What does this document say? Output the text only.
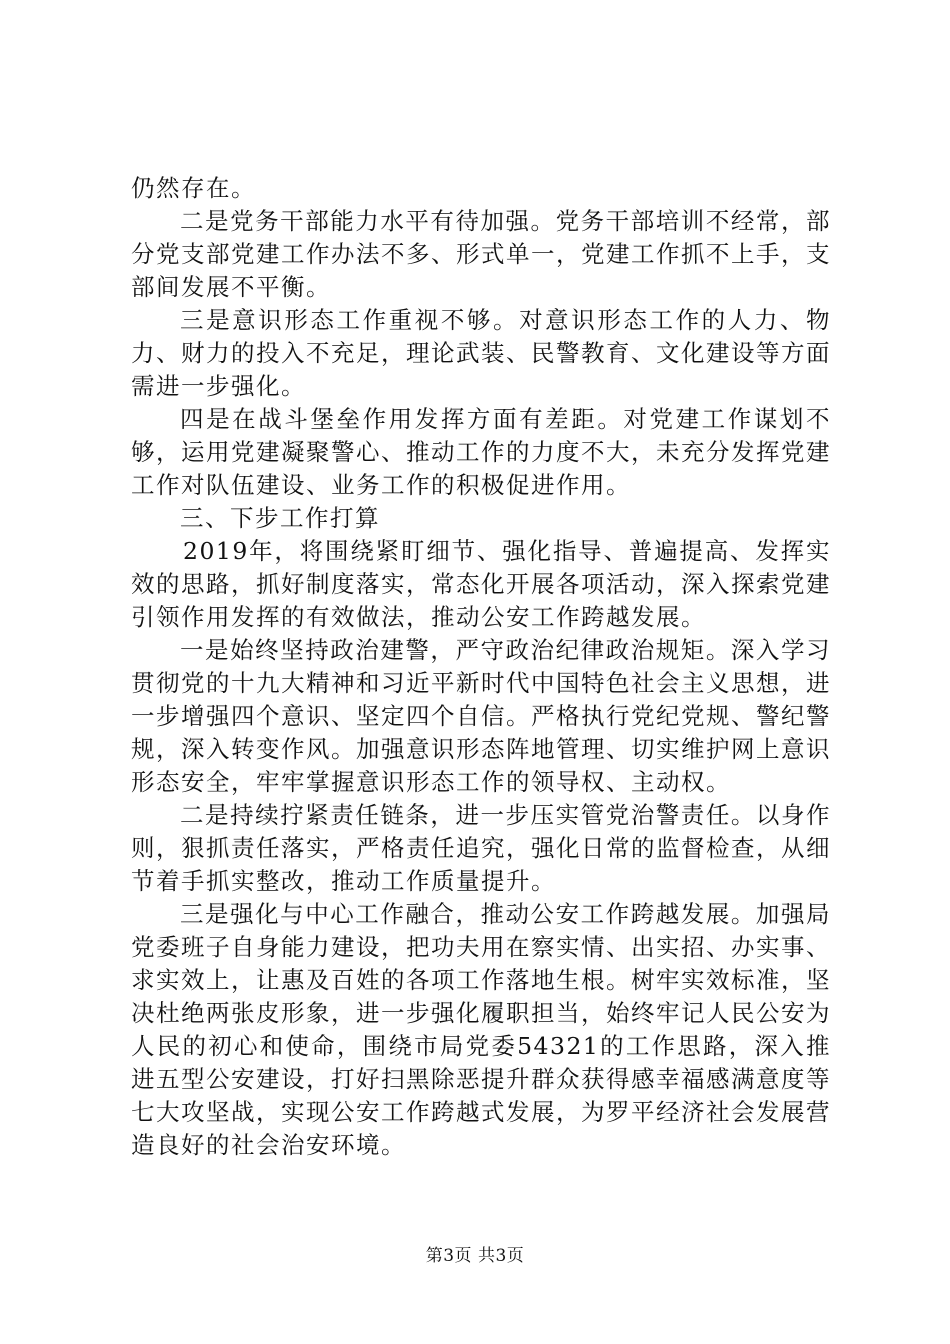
仍然存在。

二是党务干部能力水平有待加强。党务干部培训不经常，部分党支部党建工作办法不多、形式单一，党建工作抓不上手，支部间发展不平衡。

三是意识形态工作重视不够。对意识形态工作的人力、物力、财力的投入不充足，理论武装、民警教育、文化建设等方面需进一步强化。

四是在战斗堡垒作用发挥方面有差距。对党建工作谋划不够，运用党建凝聚警心、推动工作的力度不大，未充分发挥党建工作对队伍建设、业务工作的积极促进作用。

三、下步工作打算

2019年，将围绕紧盯细节、强化指导、普遍提高、发挥实效的思路，抓好制度落实，常态化开展各项活动，深入探索党建引领作用发挥的有效做法，推动公安工作跨越发展。

一是始终坚持政治建警，严守政治纪律政治规矩。深入学习贯彻党的十九大精神和习近平新时代中国特色社会主义思想，进一步增强四个意识、坚定四个自信。严格执行党纪党规、警纪警规，深入转变作风。加强意识形态阵地管理、切实维护网上意识形态安全，牢牢掌握意识形态工作的领导权、主动权。

二是持续拧紧责任链条，进一步压实管党治警责任。以身作则，狠抓责任落实，严格责任追究，强化日常的监督检查，从细节着手抓实整改，推动工作质量提升。

三是强化与中心工作融合，推动公安工作跨越发展。加强局党委班子自身能力建设，把功夫用在察实情、出实招、办实事、求实效上，让惠及百姓的各项工作落地生根。树牢实效标准，坚决杜绝两张皮形象，进一步强化履职担当，始终牢记人民公安为人民的初心和使命，围绕市局党委54321的工作思路，深入推进五型公安建设，打好扫黑除恶提升群众获得感幸福感满意度等七大攻坚战，实现公安工作跨越式发展，为罗平经济社会发展营造良好的社会治安环境。

第3页 共3页
